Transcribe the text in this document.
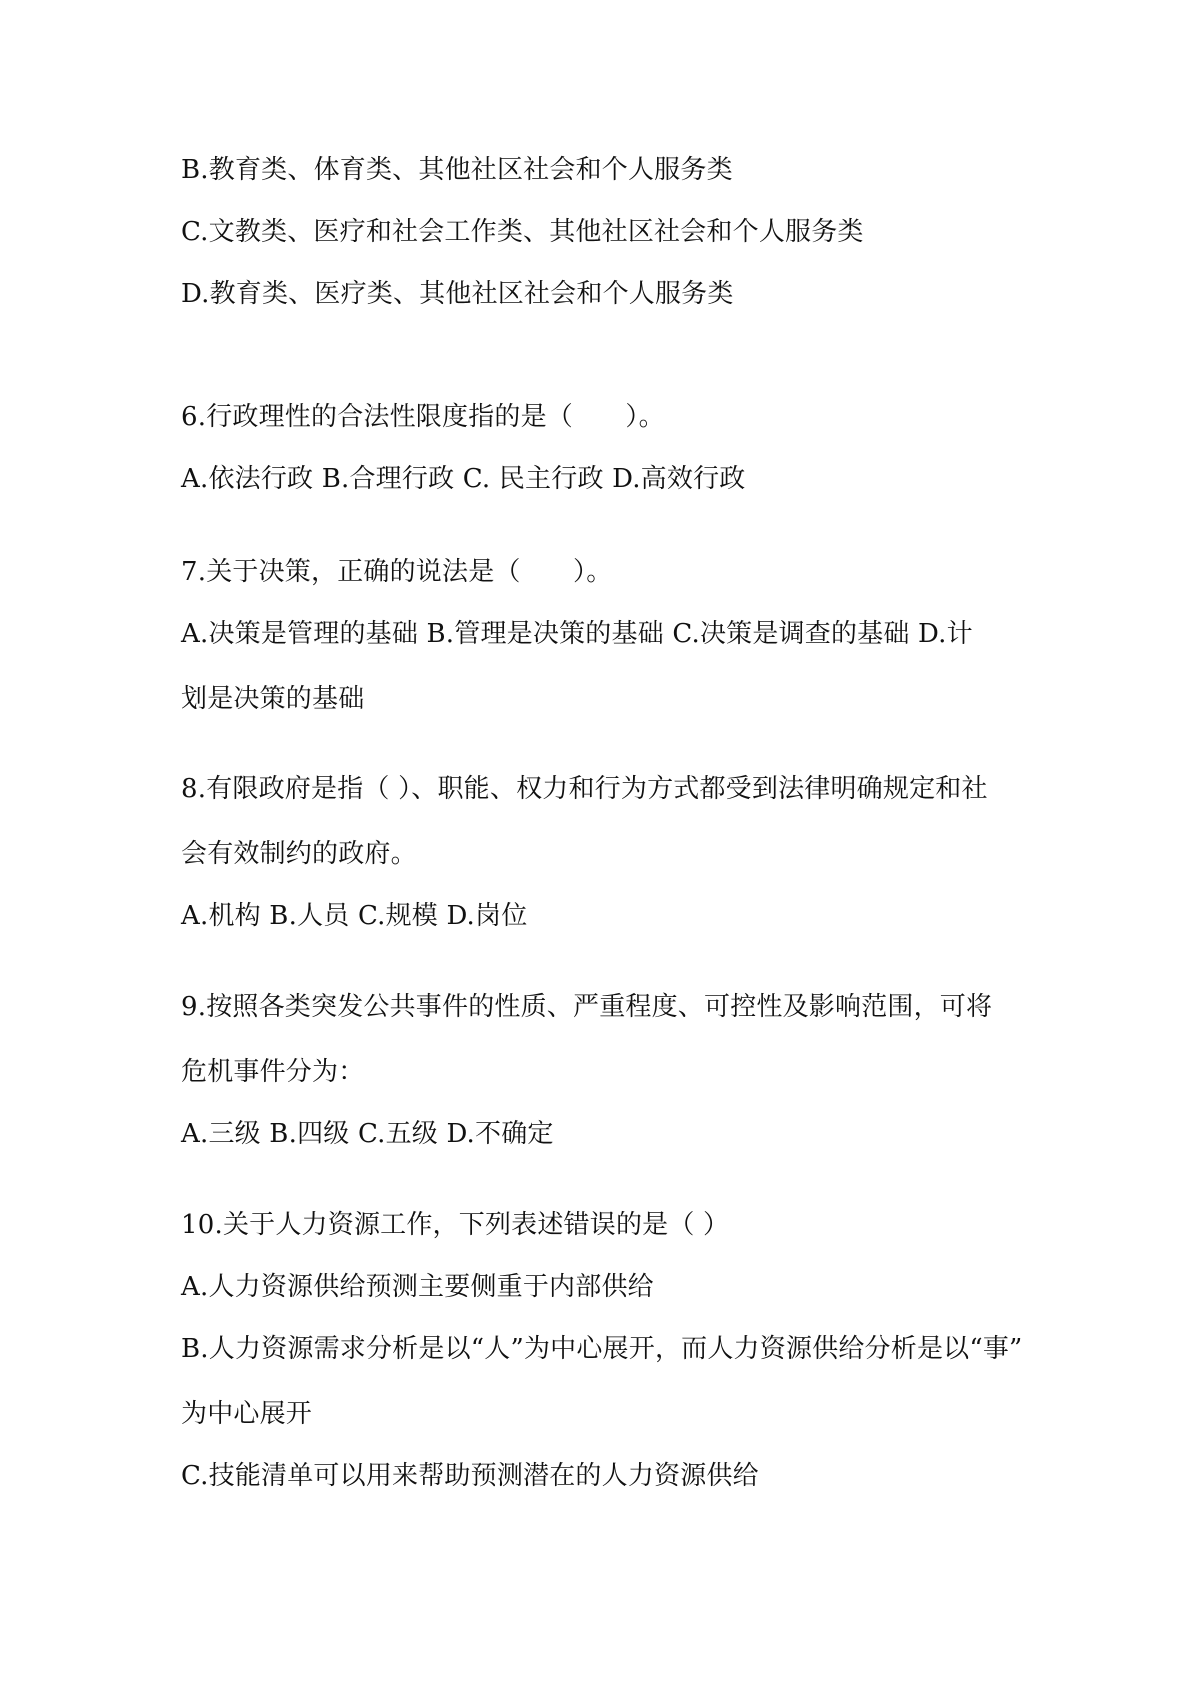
B.教育类、体育类、其他社区社会和个人服务类
C.文教类、医疗和社会工作类、其他社区社会和个人服务类
D.教育类、医疗类、其他社区社会和个人服务类
6.行政理性的合法性限度指的是（　　）。
A.依法行政 B.合理行政 C. 民主行政 D.高效行政
7.关于决策，正确的说法是（　　）。
A.决策是管理的基础 B.管理是决策的基础 C.决策是调查的基础 D.计
划是决策的基础
8.有限政府是指（ ）、职能、权力和行为方式都受到法律明确规定和社
会有效制约的政府。
A.机构 B.人员 C.规模 D.岗位
9.按照各类突发公共事件的性质、严重程度、可控性及影响范围，可将
危机事件分为：
A.三级 B.四级 C.五级 D.不确定
10.关于人力资源工作，下列表述错误的是（ ）
A.人力资源供给预测主要侧重于内部供给
B.人力资源需求分析是以“人”为中心展开，而人力资源供给分析是以“事”
为中心展开
C.技能清单可以用来帮助预测潜在的人力资源供给
